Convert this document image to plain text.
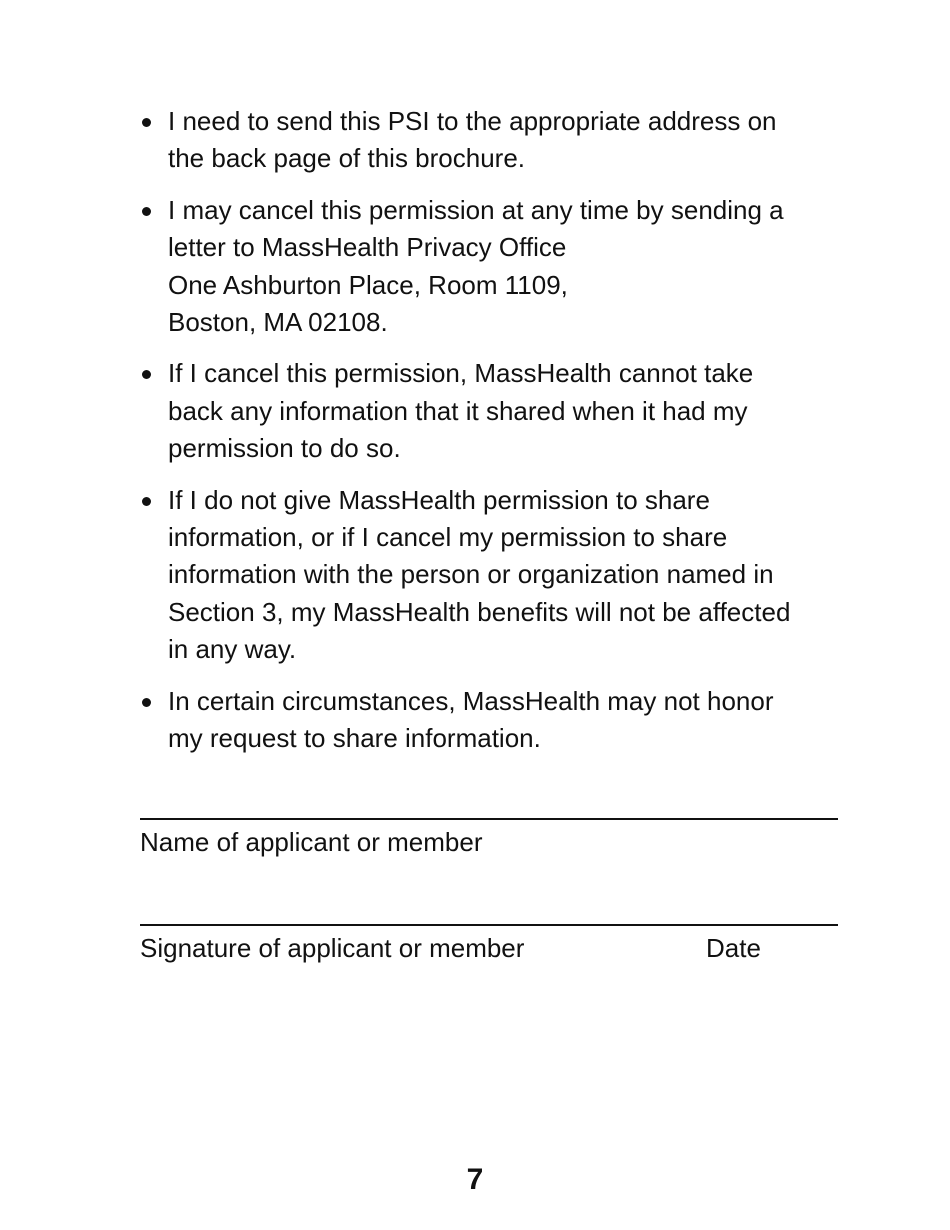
I need to send this PSI to the appropriate address on
the back page of this brochure.
I may cancel this permission at any time by sending a
letter to MassHealth Privacy Office
One Ashburton Place, Room 1109,
Boston, MA 02108.
If I cancel this permission, MassHealth cannot take
back any information that it shared when it had my
permission to do so.
If I do not give MassHealth permission to share
information, or if I cancel my permission to share
information with the person or organization named in
Section 3, my MassHealth benefits will not be affected
in any way.
In certain circumstances, MassHealth may not honor
my request to share information.
Name of applicant or member
Signature of applicant or member	Date
7
